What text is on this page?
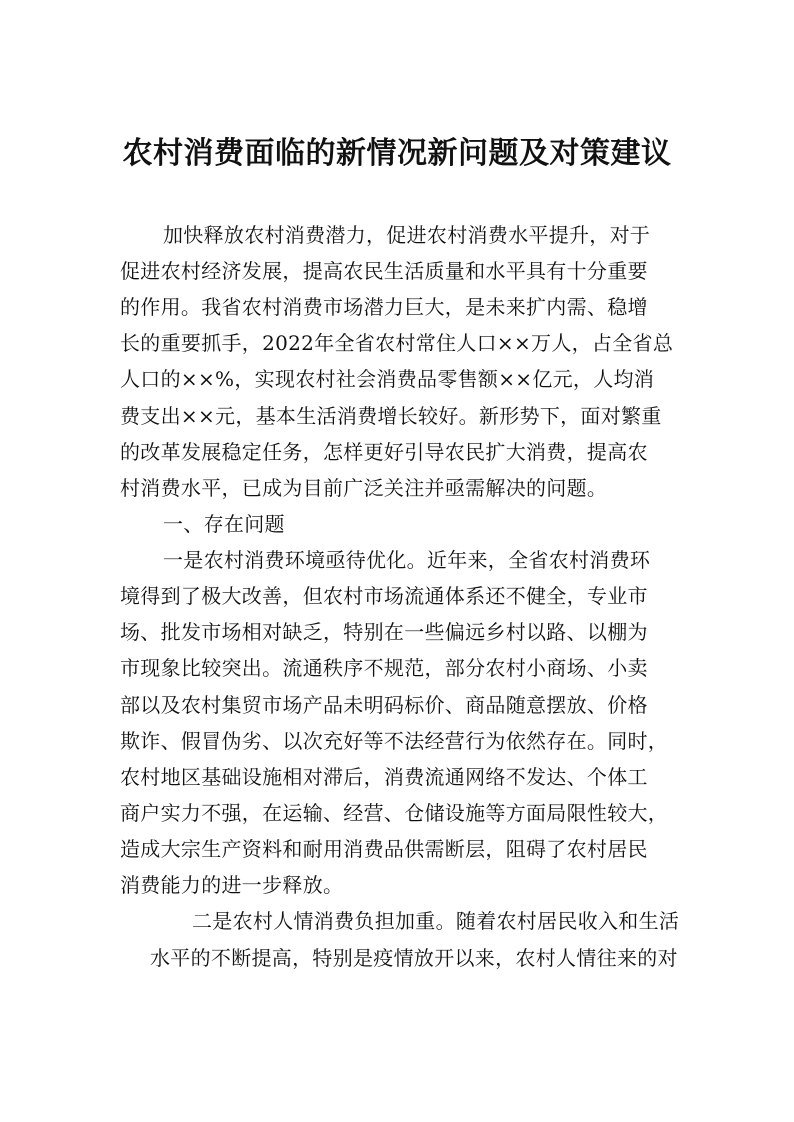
农村消费面临的新情况新问题及对策建议
加快释放农村消费潜力，促进农村消费水平提升，对于
促进农村经济发展，提高农民生活质量和水平具有十分重要
的作用。我省农村消费市场潜力巨大，是未来扩内需、稳增
长的重要抓手，2022年全省农村常住人口××万人，占全省总
人口的××%，实现农村社会消费品零售额××亿元，人均消
费支出××元，基本生活消费增长较好。新形势下，面对繁重
的改革发展稳定任务，怎样更好引导农民扩大消费，提高农
村消费水平，已成为目前广泛关注并亟需解决的问题。
一、存在问题
一是农村消费环境亟待优化。近年来，全省农村消费环
境得到了极大改善，但农村市场流通体系还不健全，专业市
场、批发市场相对缺乏，特别在一些偏远乡村以路、以棚为
市现象比较突出。流通秩序不规范，部分农村小商场、小卖
部以及农村集贸市场产品未明码标价、商品随意摆放、价格
欺诈、假冒伪劣、以次充好等不法经营行为依然存在。同时，
农村地区基础设施相对滞后，消费流通网络不发达、个体工
商户实力不强，在运输、经营、仓储设施等方面局限性较大，
造成大宗生产资料和耐用消费品供需断层，阻碍了农村居民
消费能力的进一步释放。
二是农村人情消费负担加重。随着农村居民收入和生活
水平的不断提高，特别是疫情放开以来，农村人情往来的对
